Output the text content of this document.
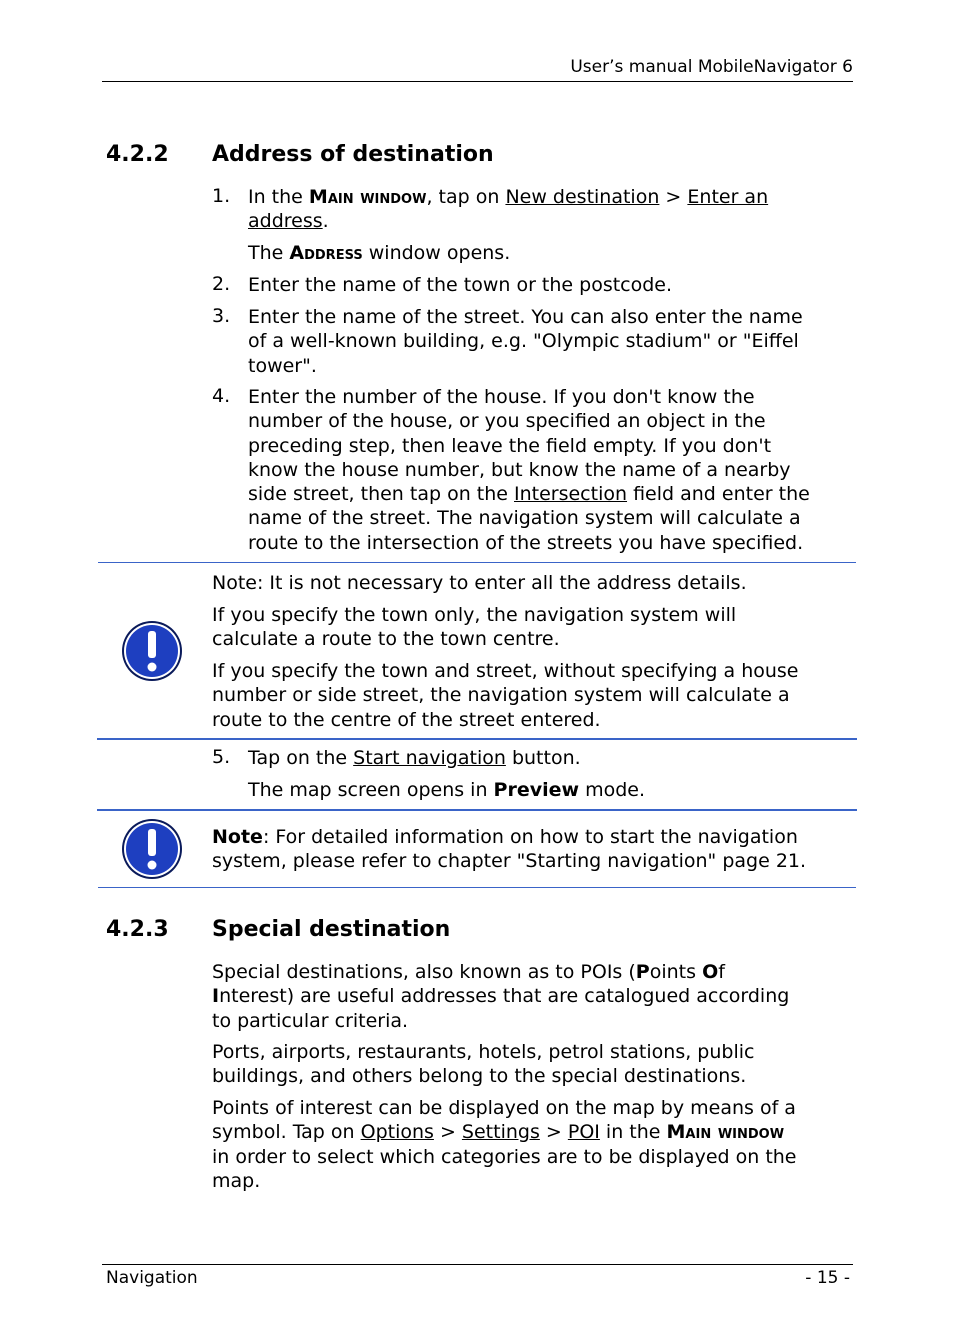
User’s manual MobileNavigator 6
4.2.2 Address of destination
1. In the Main window, tap on New destination > Enter an
address.
The Address window opens.
2. Enter the name of the town or the postcode.
3. Enter the name of the street. You can also enter the name
of a well-known building, e.g. "Olympic stadium" or "Eiffel
tower".
4. Enter the number of the house. If you don't know the
number of the house, or you specified an object in the
preceding step, then leave the field empty. If you don't
know the house number, but know the name of a nearby
side street, then tap on the Intersection field and enter the
name of the street. The navigation system will calculate a
route to the intersection of the streets you have specified.
Note: It is not necessary to enter all the address details.
If you specify the town only, the navigation system will
calculate a route to the town centre.
If you specify the town and street, without specifying a house
number or side street, the navigation system will calculate a
route to the centre of the street entered.
5. Tap on the Start navigation button.
The map screen opens in Preview mode.
Note: For detailed information on how to start the navigation
system, please refer to chapter "Starting navigation" page 21.
4.2.3 Special destination
Special destinations, also known as to POIs (Points Of
Interest) are useful addresses that are catalogued according
to particular criteria.
Ports, airports, restaurants, hotels, petrol stations, public
buildings, and others belong to the special destinations.
Points of interest can be displayed on the map by means of a
symbol. Tap on Options > Settings > POI in the Main window
in order to select which categories are to be displayed on the
map.
Navigation	- 15 -
